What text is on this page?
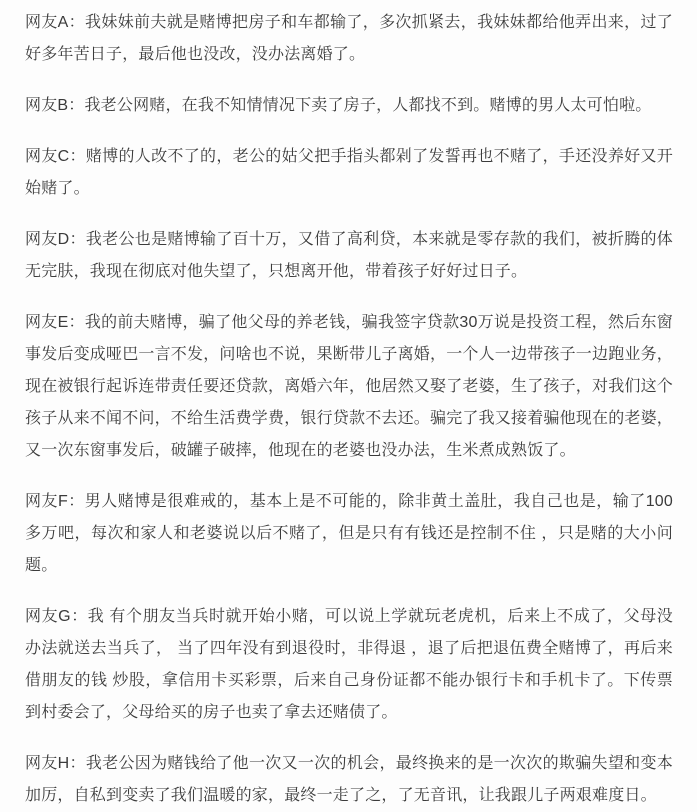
网友A：我妹妹前夫就是赌博把房子和车都输了，多次抓紧去，我妹妹都给他弄出来，过了好多年苦日子，最后他也没改，没办法离婚了。

网友B：我老公网赌，在我不知情情况下卖了房子，人都找不到。赌博的男人太可怕啦。

网友C：赌博的人改不了的，老公的姑父把手指头都剁了发誓再也不赌了，手还没养好又开始赌了。

网友D：我老公也是赌博输了百十万，又借了高利贷，本来就是零存款的我们，被折腾的体无完肤，我现在彻底对他失望了，只想离开他，带着孩子好好过日子。

网友E：我的前夫赌博，骗了他父母的养老钱，骗我签字贷款30万说是投资工程，然后东窗事发后变成哑巴一言不发，问啥也不说，果断带儿子离婚，一个人一边带孩子一边跑业务，现在被银行起诉连带责任要还贷款，离婚六年，他居然又娶了老婆，生了孩子，对我们这个孩子从来不闻不问，不给生活费学费，银行贷款不去还。骗完了我又接着骗他现在的老婆，又一次东窗事发后，破罐子破摔，他现在的老婆也没办法，生米煮成熟饭了。

网友F：男人赌博是很难戒的，基本上是不可能的，除非黄土盖肚，我自己也是，输了100多万吧，每次和家人和老婆说以后不赌了，但是只有有钱还是控制不住 ，只是赌的大小问题。

网友G：我 有个朋友当兵时就开始小赌，可以说上学就玩老虎机，后来上不成了，父母没办法就送去当兵了， 当了四年没有到退役时，非得退 ，退了后把退伍费全赌博了，再后来借朋友的钱 炒股，拿信用卡买彩票，后来自己身份证都不能办银行卡和手机卡了。下传票到村委会了，父母给买的房子也卖了拿去还赌债了。

网友H：我老公因为赌钱给了他一次又一次的机会，最终换来的是一次次的欺骗失望和变本加厉，自私到变卖了我们温暖的家，最终一走了之，了无音讯，让我跟儿子两艰难度日。
